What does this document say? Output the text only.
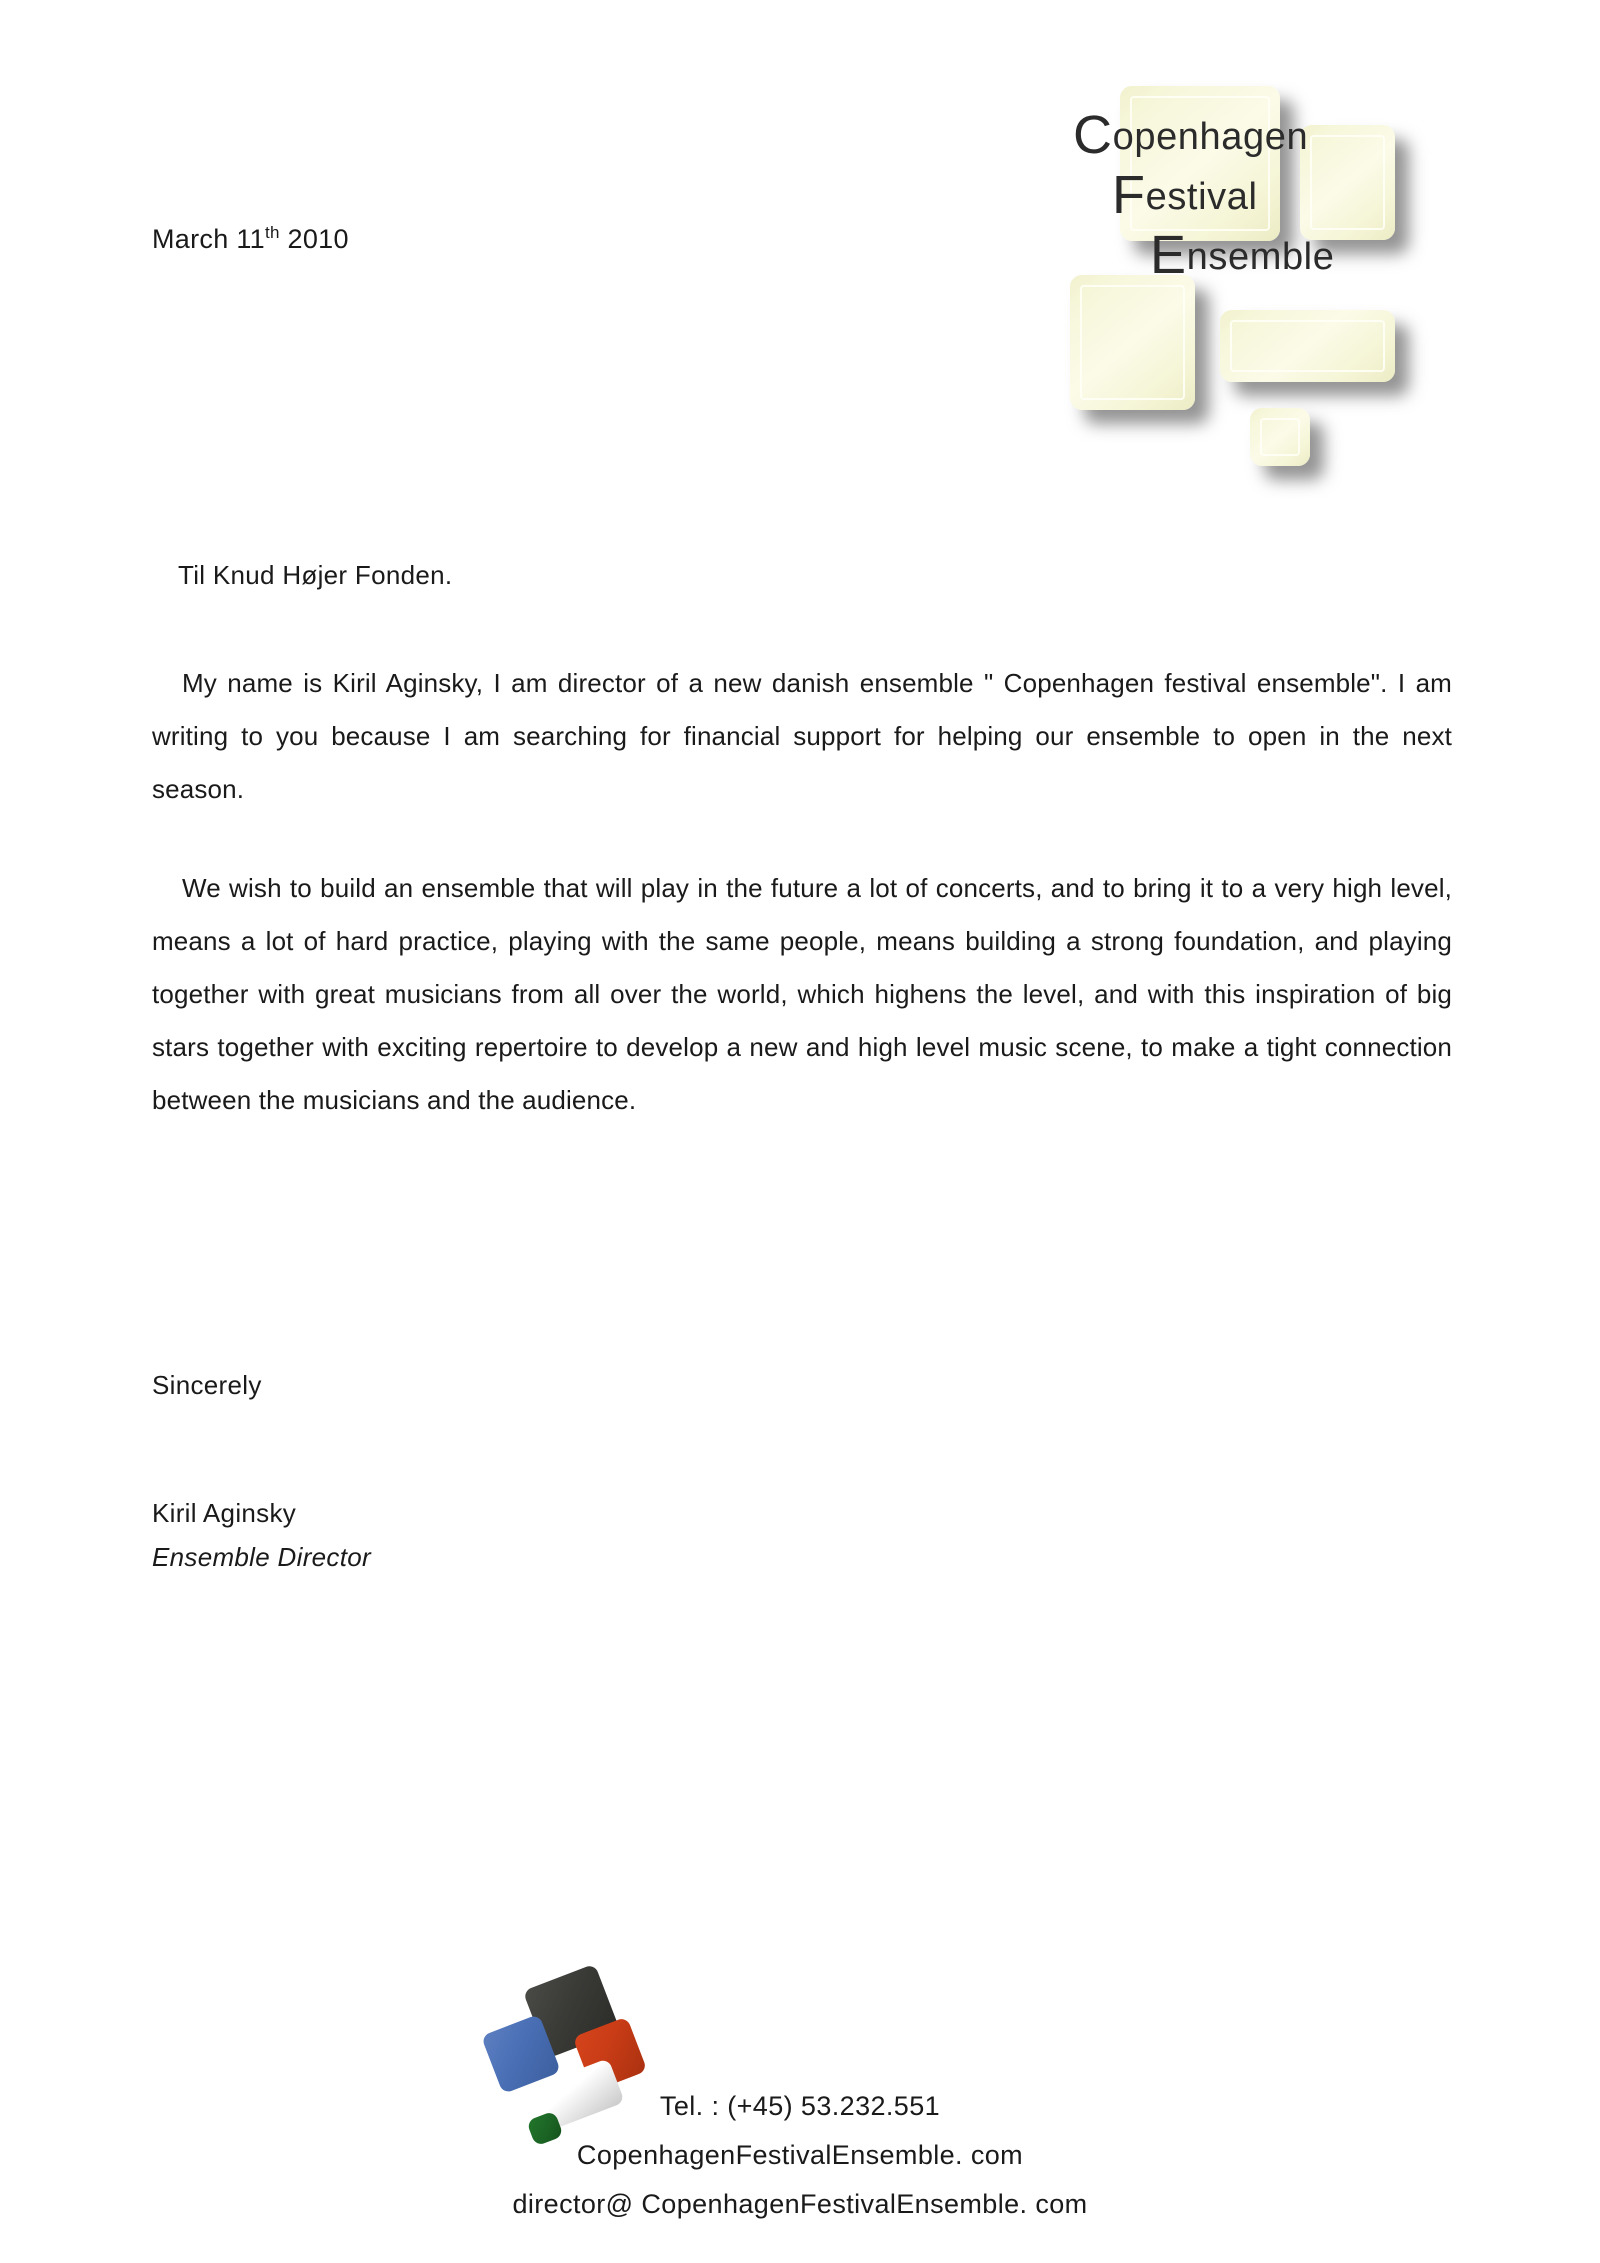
Copenhagen
Festival
Ensemble
March 11th 2010

Til Knud Højer Fonden.

My name is Kiril Aginsky, I am director of a new danish ensemble " Copenhagen festival ensemble". I am writing to you because I am searching for financial support for helping our ensemble to open in the next season.

We wish to build an ensemble that will play in the future a lot of concerts, and to bring it to a very high level, means a lot of hard practice, playing with the same people, means building a strong foundation, and playing together with great musicians from all over the world, which highens the level, and with this inspiration of big stars together with exciting repertoire to develop a new and high level music scene, to make a tight connection between the musicians and the audience.

Sincerely
Kiril Aginsky
Ensemble Director
Tel. : (+45) 53.232.551
CopenhagenFestivalEnsemble. com
director@ CopenhagenFestivalEnsemble. com
